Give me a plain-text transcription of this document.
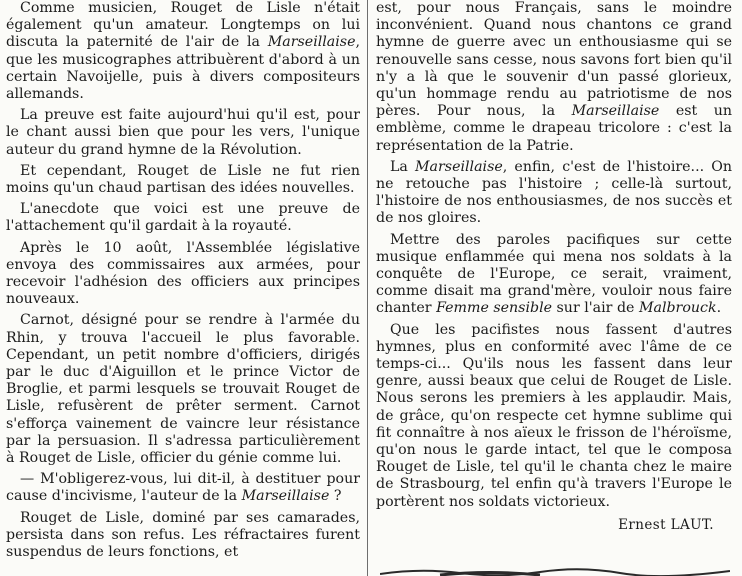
Comme musicien, Rouget de Lisle n'était également qu'un amateur. Longtemps on lui discuta la paternité de l'air de la Marseillaise, que les musicographes attribuèrent d'abord à un certain Navoijelle, puis à divers compositeurs allemands.

La preuve est faite aujourd'hui qu'il est, pour le chant aussi bien que pour les vers, l'unique auteur du grand hymne de la Révolution.

Et cependant, Rouget de Lisle ne fut rien moins qu'un chaud partisan des idées nouvelles.

L'anecdote que voici est une preuve de l'attachement qu'il gardait à la royauté.

Après le 10 août, l'Assemblée législative envoya des commissaires aux armées, pour recevoir l'adhésion des officiers aux principes nouveaux.

Carnot, désigné pour se rendre à l'armée du Rhin, y trouva l'accueil le plus favorable. Cependant, un petit nombre d'officiers, dirigés par le duc d'Aiguillon et le prince Victor de Broglie, et parmi lesquels se trouvait Rouget de Lisle, refusèrent de prêter serment. Carnot s'efforça vainement de vaincre leur résistance par la persuasion. Il s'adressa particulièrement à Rouget de Lisle, officier du génie comme lui.

— M'obligerez-vous, lui dit-il, à destituer pour cause d'incivisme, l'auteur de la Marseillaise ?

Rouget de Lisle, dominé par ses camarades, persista dans son refus. Les réfractaires furent suspendus de leurs fonctions, et

est, pour nous Français, sans le moindre inconvénient. Quand nous chantons ce grand hymne de guerre avec un enthousiasme qui se renouvelle sans cesse, nous savons fort bien qu'il n'y a là que le souvenir d'un passé glorieux, qu'un hommage rendu au patriotisme de nos pères. Pour nous, la Marseillaise est un emblème, comme le drapeau tricolore : c'est la représentation de la Patrie.

La Marseillaise, enfin, c'est de l'histoire... On ne retouche pas l'histoire ; celle-là surtout, l'histoire de nos enthousiasmes, de nos succès et de nos gloires.

Mettre des paroles pacifiques sur cette musique enflammée qui mena nos soldats à la conquête de l'Europe, ce serait, vraiment, comme disait ma grand'mère, vouloir nous faire chanter Femme sensible sur l'air de Malbrouck.

Que les pacifistes nous fassent d'autres hymnes, plus en conformité avec l'âme de ce temps-ci... Qu'ils nous les fassent dans leur genre, aussi beaux que celui de Rouget de Lisle. Nous serons les premiers à les applaudir. Mais, de grâce, qu'on respecte cet hymne sublime qui fit connaître à nos aïeux le frisson de l'héroïsme, qu'on nous le garde intact, tel que le composa Rouget de Lisle, tel qu'il le chanta chez le maire de Strasbourg, tel enfin qu'à travers l'Europe le portèrent nos soldats victorieux.

Ernest LAUT.
